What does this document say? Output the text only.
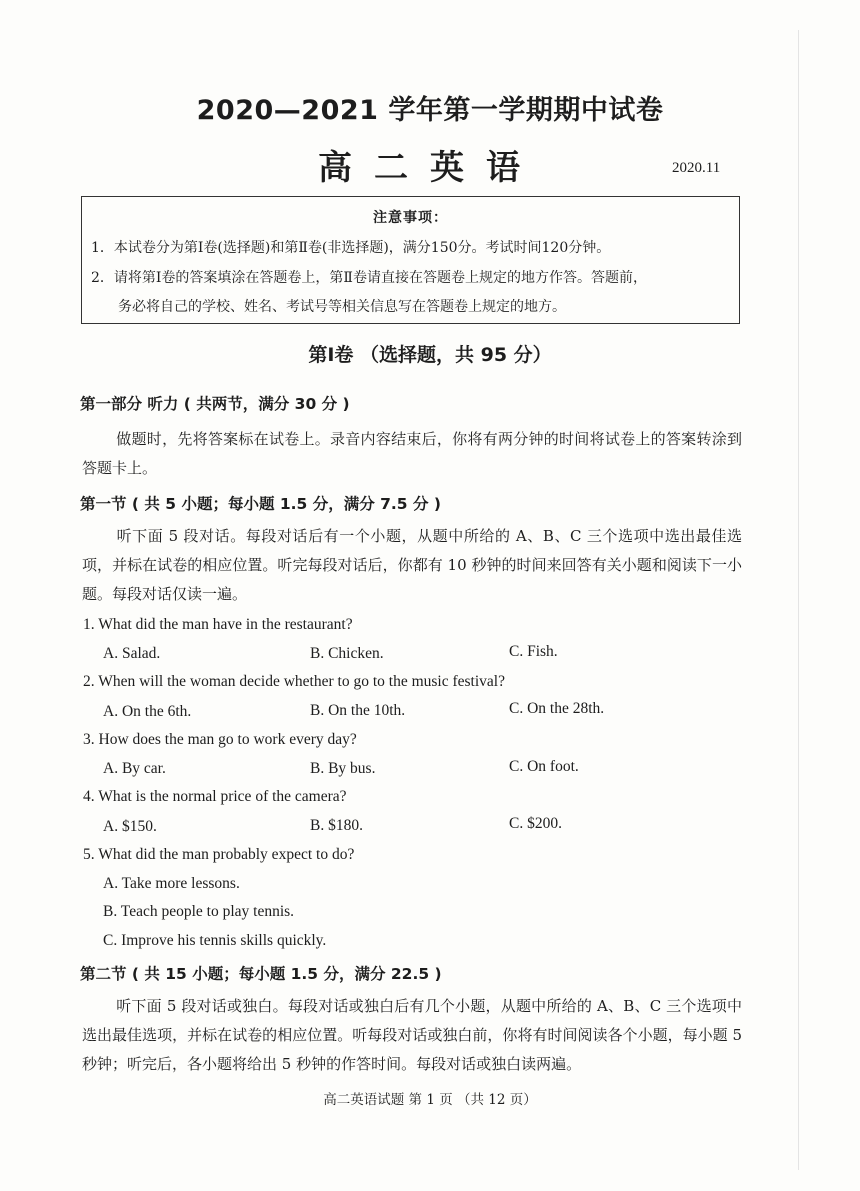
2020—2021 学年第一学期期中试卷
高二英语	2020.11
注意事项：
1．本试卷分为第Ⅰ卷(选择题)和第Ⅱ卷(非选择题)，满分150分。考试时间120分钟。
2．请将第Ⅰ卷的答案填涂在答题卷上，第Ⅱ卷请直接在答题卷上规定的地方作答。答题前，
务必将自己的学校、姓名、考试号等相关信息写在答题卷上规定的地方。
第Ⅰ卷 （选择题，共 95 分）
第一部分 听力 ( 共两节，满分 30 分 )

做题时，先将答案标在试卷上。录音内容结束后，你将有两分钟的时间将试卷上的答案转涂到答题卡上。

第一节 ( 共 5 小题；每小题 1.5 分，满分 7.5 分 )

听下面 5 段对话。每段对话后有一个小题，从题中所给的 A、B、C 三个选项中选出最佳选项，并标在试卷的相应位置。听完每段对话后，你都有 10 秒钟的时间来回答有关小题和阅读下一小题。每段对话仅读一遍。

1. What did the man have in the restaurant?
A. Salad.	B. Chicken.	C. Fish.
2. When will the woman decide whether to go to the music festival?
A. On the 6th.	B. On the 10th.	C. On the 28th.
3. How does the man go to work every day?
A. By car.	B. By bus.	C. On foot.
4. What is the normal price of the camera?
A. $150.	B. $180.	C. $200.
5. What did the man probably expect to do?
A. Take more lessons.
B. Teach people to play tennis.
C. Improve his tennis skills quickly.
第二节 ( 共 15 小题；每小题 1.5 分，满分 22.5 )

听下面 5 段对话或独白。每段对话或独白后有几个小题，从题中所给的 A、B、C 三个选项中选出最佳选项，并标在试卷的相应位置。听每段对话或独白前，你将有时间阅读各个小题，每小题 5 秒钟；听完后，各小题将给出 5 秒钟的作答时间。每段对话或独白读两遍。

高二英语试题 第 1 页 （共 12 页）
